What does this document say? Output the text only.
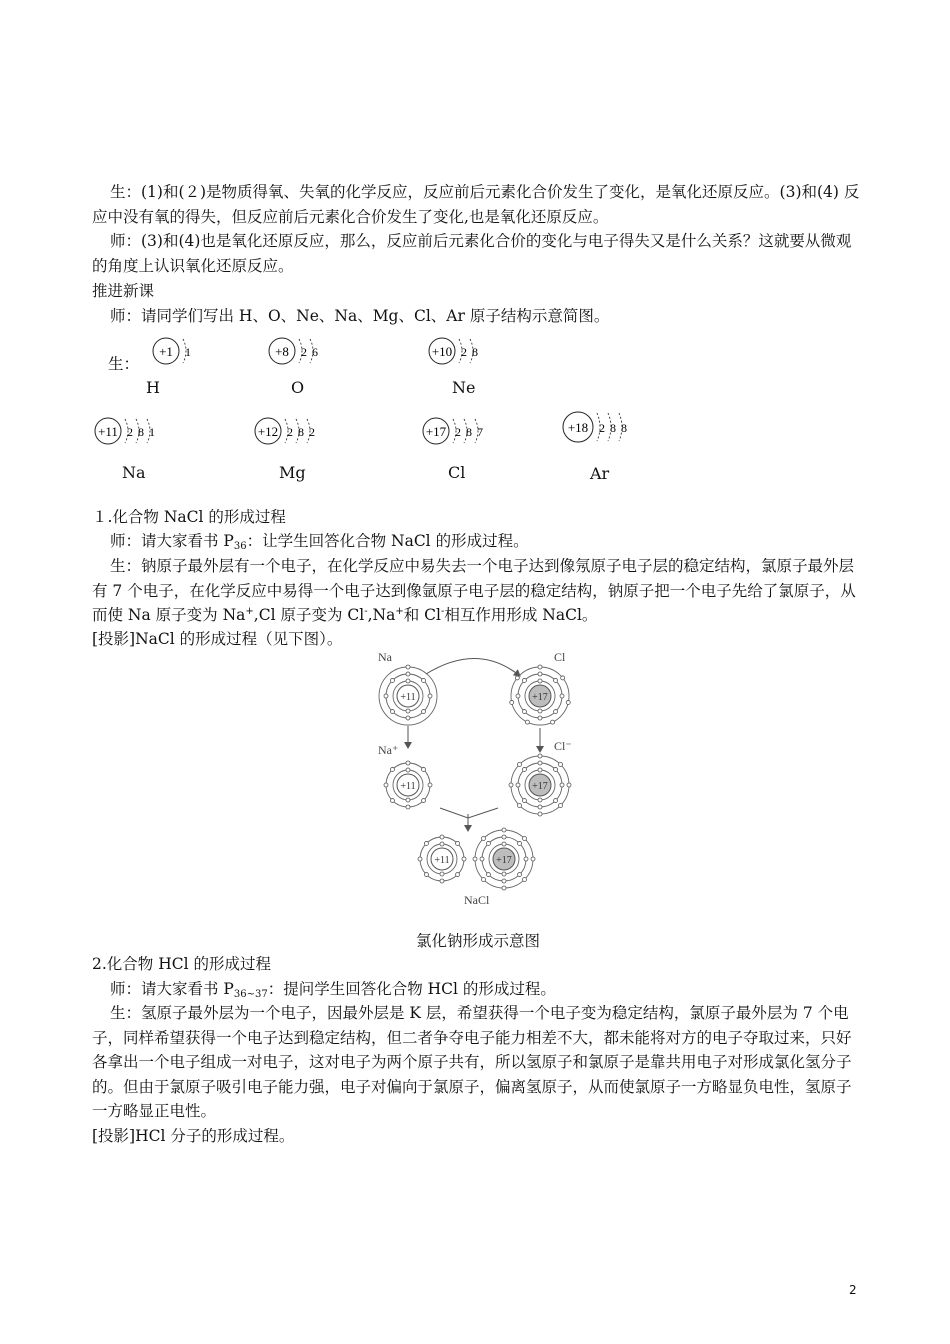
生：(1)和(２)是物质得氧、失氧的化学反应，反应前后元素化合价发生了变化，是氧化还原反应。(3)和(4) 反应中没有氧的得失，但反应前后元素化合价发生了变化,也是氧化还原反应。

师：(3)和(4)也是氧化还原反应，那么，反应前后元素化合价的变化与电子得失又是什么关系？这就要从微观的角度上认识氧化还原反应。

推进新课

师：请同学们写出 H、O、Ne、Na、Mg、Cl、Ar 原子结构示意简图。

生：
+1 1
H
+8 2 6
O
+10 2 8
Ne
+11 2 8 1
Na
+12 2 8 2
Mg
+17 2 8 7
Cl
+18 2 8 8
Ar

１.化合物 NaCl 的形成过程

师：请大家看书 $P_{36}$：让学生回答化合物 NaCl 的形成过程。

生：钠原子最外层有一个电子，在化学反应中易失去一个电子达到像氖原子电子层的稳定结构，氯原子最外层有 7 个电子，在化学反应中易得一个电子达到像氩原子电子层的稳定结构，钠原子把一个电子先给了氯原子，从而使 Na 原子变为 Na+,Cl 原子变为 Cl-,Na+和 Cl-相互作用形成 NaCl。

[投影]NaCl 的形成过程（见下图）。

Na	Cl
+11	+17
+11	+17
+11	+17
Na⁺	Cl⁻
NaCl

氯化钠形成示意图

2.化合物 HCl 的形成过程

师：请大家看书 $P_{36\sim 37}$：提问学生回答化合物 HCl 的形成过程。

生：氢原子最外层为一个电子，因最外层是 K 层，希望获得一个电子变为稳定结构，氯原子最外层为 7 个电子，同样希望获得一个电子达到稳定结构，但二者争夺电子能力相差不大，都未能将对方的电子夺取过来，只好各拿出一个电子组成一对电子，这对电子为两个原子共有，所以氢原子和氯原子是靠共用电子对形成氯化氢分子的。但由于氯原子吸引电子能力强，电子对偏向于氯原子，偏离氢原子，从而使氯原子一方略显负电性，氢原子一方略显正电性。

[投影]HCl 分子的形成过程。

2
